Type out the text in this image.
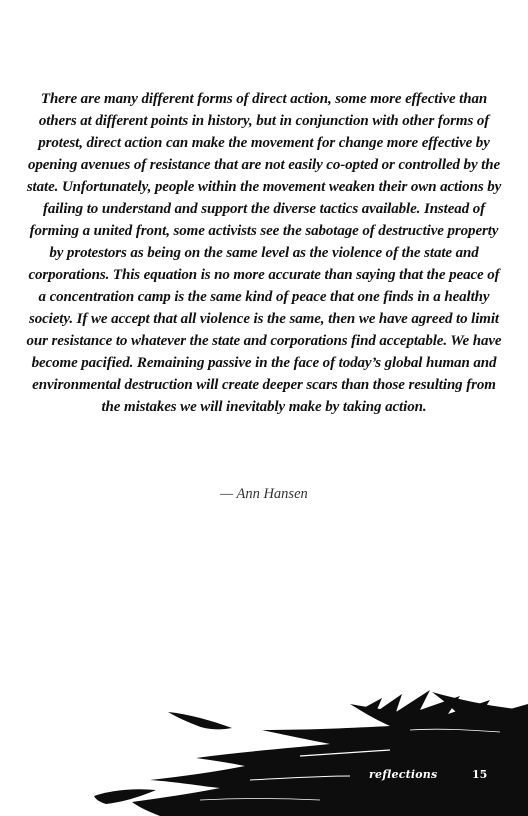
There are many different forms of direct action, some more effective than others at different points in history, but in conjunction with other forms of protest, direct action can make the movement for change more effective by opening avenues of resistance that are not easily co-opted or controlled by the state. Unfortunately, people within the movement weaken their own actions by failing to understand and support the diverse tactics available. Instead of forming a united front, some activists see the sabotage of destructive property by protestors as being on the same level as the violence of the state and corporations. This equation is no more accurate than saying that the peace of a concentration camp is the same kind of peace that one finds in a healthy society. If we accept that all violence is the same, then we have agreed to limit our resistance to whatever the state and corporations find acceptable. We have become pacified. Remaining passive in the face of today’s global human and environmental destruction will create deeper scars than those resulting from the mistakes we will inevitably make by taking action.

— Ann Hansen
reflections	15
